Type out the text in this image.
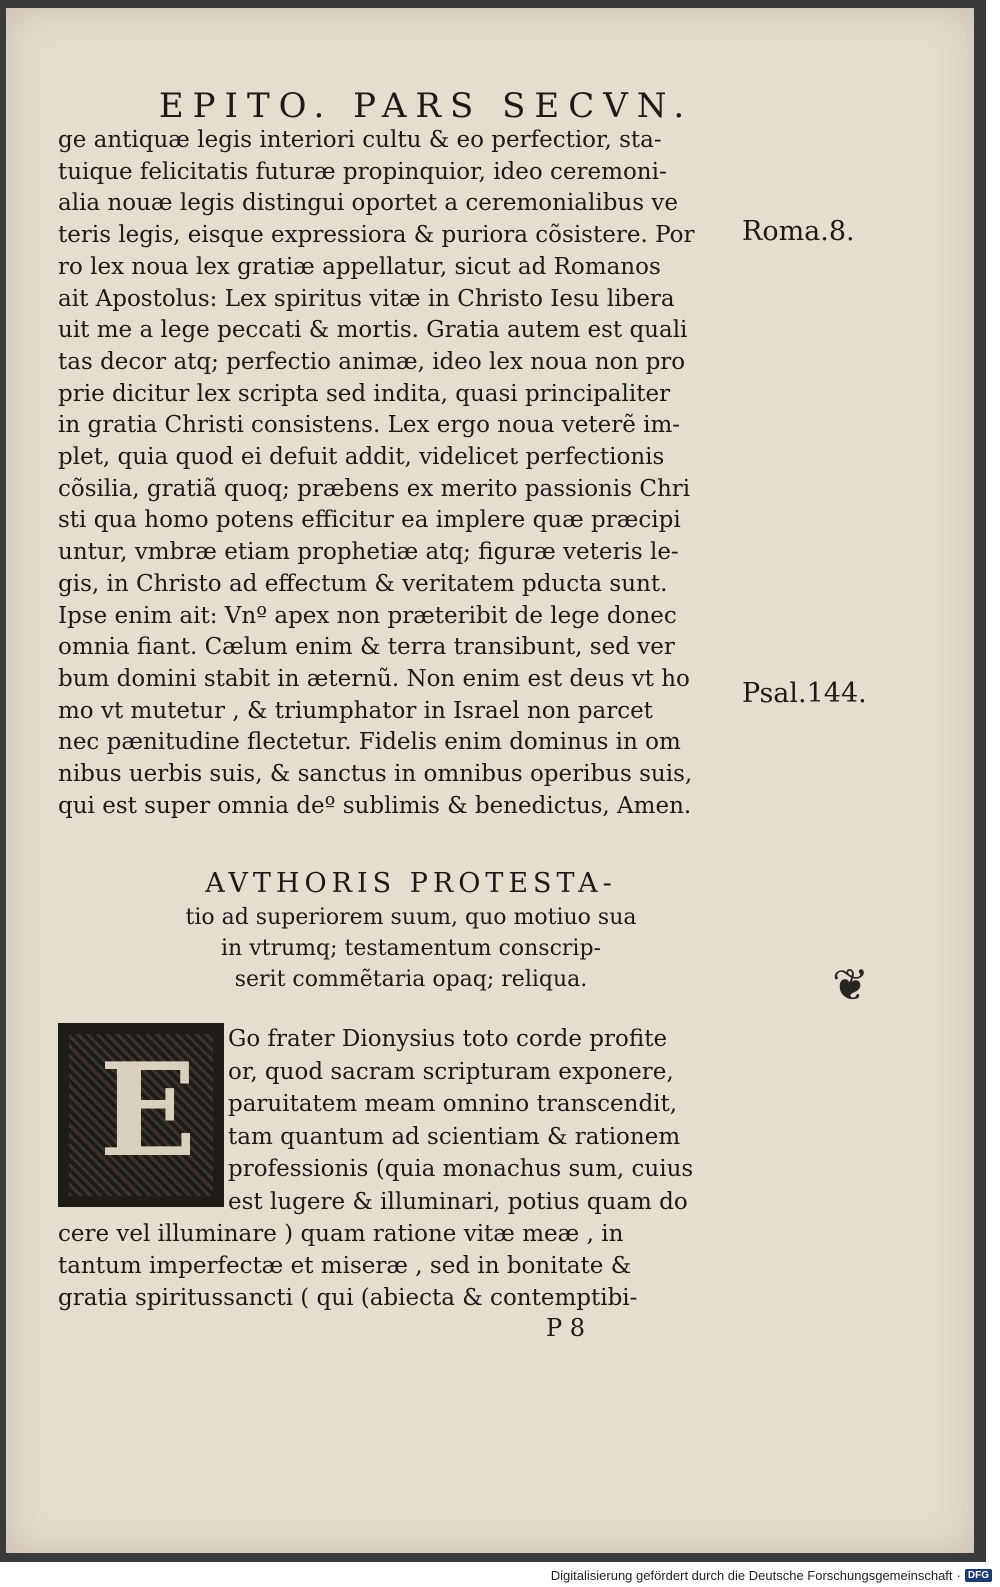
EPITO. PARS SECVN.
ge antiquæ legis interiori cultu & eo perfectior, sta-
tuique felicitatis futuræ propinquior, ideo ceremoni-
alia nouæ legis distingui oportet a ceremonialibus ve
teris legis, eisque expressiora & puriora cõsistere. Por
ro lex noua lex gratiæ appellatur, sicut ad Romanos
ait Apostolus: Lex spiritus vitæ in Christo Iesu libera
uit me a lege peccati & mortis. Gratia autem est quali
tas decor atq; perfectio animæ, ideo lex noua non pro
prie dicitur lex scripta sed indita, quasi principaliter
in gratia Christi consistens. Lex ergo noua veterẽ im-
plet, quia quod ei defuit addit, videlicet perfectionis
cõsilia, gratiã quoq; præbens ex merito passionis Chri
sti qua homo potens efficitur ea implere quæ præcipi
untur, vmbræ etiam prophetiæ atq; figuræ veteris le-
gis, in Christo ad effectum & veritatem pducta sunt.
Ipse enim ait: Vnº apex non præteribit de lege donec
omnia fiant. Cælum enim & terra transibunt, sed ver
bum domini stabit in æternũ. Non enim est deus vt ho
mo vt mutetur , & triumphator in Israel non parcet
nec pænitudine flectetur. Fidelis enim dominus in om
nibus uerbis suis, & sanctus in omnibus operibus suis,
qui est super omnia deº sublimis & benedictus, Amen.
Roma.8.
Psal.144.
AVTHORIS PROTESTA-
tio ad superiorem suum, quo motiuo sua
in vtrumq; testamentum conscrip-
serit commẽtaria opaq; reliqua.	❦
E Go frater Dionysius toto corde profite
or, quod sacram scripturam exponere,
paruitatem meam omnino transcendit,
tam quantum ad scientiam & rationem
professionis (quia monachus sum, cuius
est lugere & illuminari, potius quam do
cere vel illuminare ) quam ratione vitæ meæ , in
tantum imperfectæ et miseræ , sed in bonitate &
gratia spiritussancti ( qui (abiecta & contemptibi-
P 8
Digitalisierung gefördert durch die Deutsche Forschungsgemeinschaft · DFG
